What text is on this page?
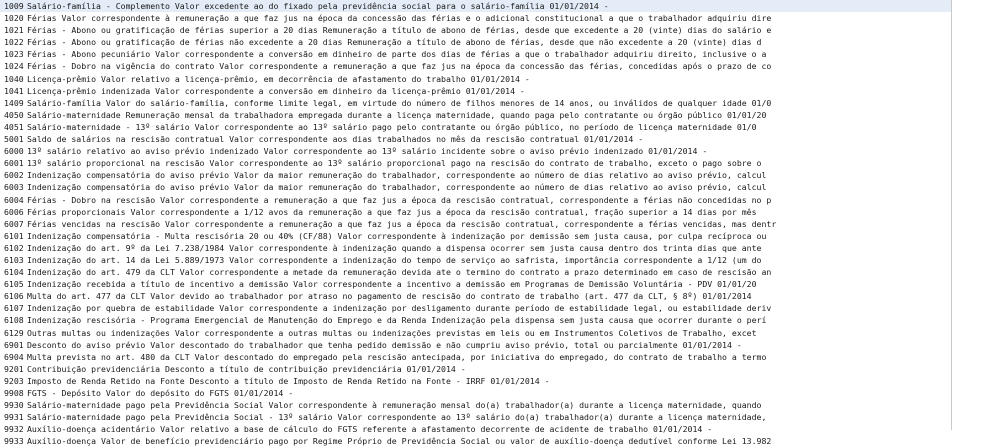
1009 Salário-família - Complemento Valor excedente ao do fixado pela previdência social para o salário-família 01/01/2014 -
1020 Férias Valor correspondente à remuneração a que faz jus na época da concessão das férias e o adicional constitucional a que o trabalhador adquiriu dire
1021 Férias - Abono ou gratificação de férias superior a 20 dias Remuneração a título de abono de férias, desde que excedente a 20 (vinte) dias do salário e
1022 Férias - Abono ou gratificação de férias não excedente a 20 dias Remuneração a título de abono de férias, desde que não excedente a 20 (vinte) dias d
1023 Férias - Abono pecuniário Valor correspondente a conversão em dinheiro de parte dos dias de férias a que o trabalhador adquiriu direito, inclusive o a
1024 Férias - Dobro na vigência do contrato Valor correspondente a remuneração a que faz jus na época da concessão das férias, concedidas após o prazo de co
1040 Licença-prêmio Valor relativo a licença-prêmio, em decorrência de afastamento do trabalho 01/01/2014 -
1041 Licença-prêmio indenizada Valor correspondente a conversão em dinheiro da licença-prêmio 01/01/2014 -
1409 Salário-família Valor do salário-família, conforme limite legal, em virtude do número de filhos menores de 14 anos, ou inválidos de qualquer idade 01/0
4050 Salário-maternidade Remuneração mensal da trabalhadora empregada durante a licença maternidade, quando paga pelo contratante ou órgão público 01/01/20
4051 Salário-maternidade - 13º salário Valor correspondente ao 13º salário pago pelo contratante ou órgão público, no período de licença maternidade 01/0
5001 Saldo de salários na rescisão contratual Valor correspondente aos dias trabalhados no mês da rescisão contratual 01/01/2014 -
6000 13º salário relativo ao aviso prévio indenizado Valor correspondente ao 13º salário incidente sobre o aviso prévio indenizado 01/01/2014 -
6001 13º salário proporcional na rescisão Valor correspondente ao 13º salário proporcional pago na rescisão do contrato de trabalho, exceto o pago sobre o
6002 Indenização compensatória do aviso prévio Valor da maior remuneração do trabalhador, correspondente ao número de dias relativo ao aviso prévio, calcul
6003 Indenização compensatória do aviso prévio Valor da maior remuneração do trabalhador, correspondente ao número de dias relativo ao aviso prévio, calcul
6004 Férias - Dobro na rescisão Valor correspondente a remuneração a que faz jus a época da rescisão contratual, correspondente a férias não concedidas no p
6006 Férias proporcionais Valor correspondente a 1/12 avos da remuneração a que faz jus a época da rescisão contratual, fração superior a 14 dias por mês
6007 Férias vencidas na rescisão Valor correspondente a remuneração a que faz jus a época da rescisão contratual, correspondente a férias vencidas, mas dentr
6101 Indenização compensatória - Multa rescisória 20 ou 40% (CF/88) Valor correspondente à indenização por demissão sem justa causa, por culpa recíproca ou
6102 Indenização do art. 9º da Lei 7.238/1984 Valor correspondente à indenização quando a dispensa ocorrer sem justa causa dentro dos trinta dias que ante
6103 Indenização do art. 14 da Lei 5.889/1973 Valor correspondente a indenização do tempo de serviço ao safrista, importância correspondente a 1/12 (um do
6104 Indenização do art. 479 da CLT Valor correspondente a metade da remuneração devida ate o termino do contrato a prazo determinado em caso de rescisão an
6105 Indenização recebida a título de incentivo a demissão Valor correspondente a incentivo a demissão em Programas de Demissão Voluntária - PDV 01/01/20
6106 Multa do art. 477 da CLT Valor devido ao trabalhador por atraso no pagamento de rescisão do contrato de trabalho (art. 477 da CLT, § 8º) 01/01/2014
6107 Indenização por quebra de estabilidade Valor correspondente a indenização por desligamento durante período de estabilidade legal, ou estabilidade deriv
6108 Indenização rescisória - Programa Emergencial de Manutenção do Emprego e da Renda Indenização pela dispensa sem justa causa que ocorrer durante o perí
6129 Outras multas ou indenizações Valor correspondente a outras multas ou indenizações previstas em leis ou em Instrumentos Coletivos de Trabalho, excet
6901 Desconto do aviso prévio Valor descontado do trabalhador que tenha pedido demissão e não cumpriu aviso prévio, total ou parcialmente 01/01/2014 -
6904 Multa prevista no art. 480 da CLT Valor descontado do empregado pela rescisão antecipada, por iniciativa do empregado, do contrato de trabalho a termo
9201 Contribuição previdenciária Desconto a título de contribuição previdenciária 01/01/2014 -
9203 Imposto de Renda Retido na Fonte Desconto a título de Imposto de Renda Retido na Fonte - IRRF 01/01/2014 -
9908 FGTS - Depósito Valor do depósito do FGTS 01/01/2014 -
9930 Salário-maternidade pago pela Previdência Social Valor correspondente à remuneração mensal do(a) trabalhador(a) durante a licença maternidade, quando
9931 Salário-maternidade pago pela Previdência Social - 13º salário Valor correspondente ao 13º salário do(a) trabalhador(a) durante a licença maternidade,
9932 Auxílio-doença acidentário Valor relativo a base de cálculo do FGTS referente a afastamento decorrente de acidente de trabalho 01/01/2014 -
9933 Auxílio-doença Valor de benefício previdenciário pago por Regime Próprio de Previdência Social ou valor de auxílio-doença dedutível conforme Lei 13.982
